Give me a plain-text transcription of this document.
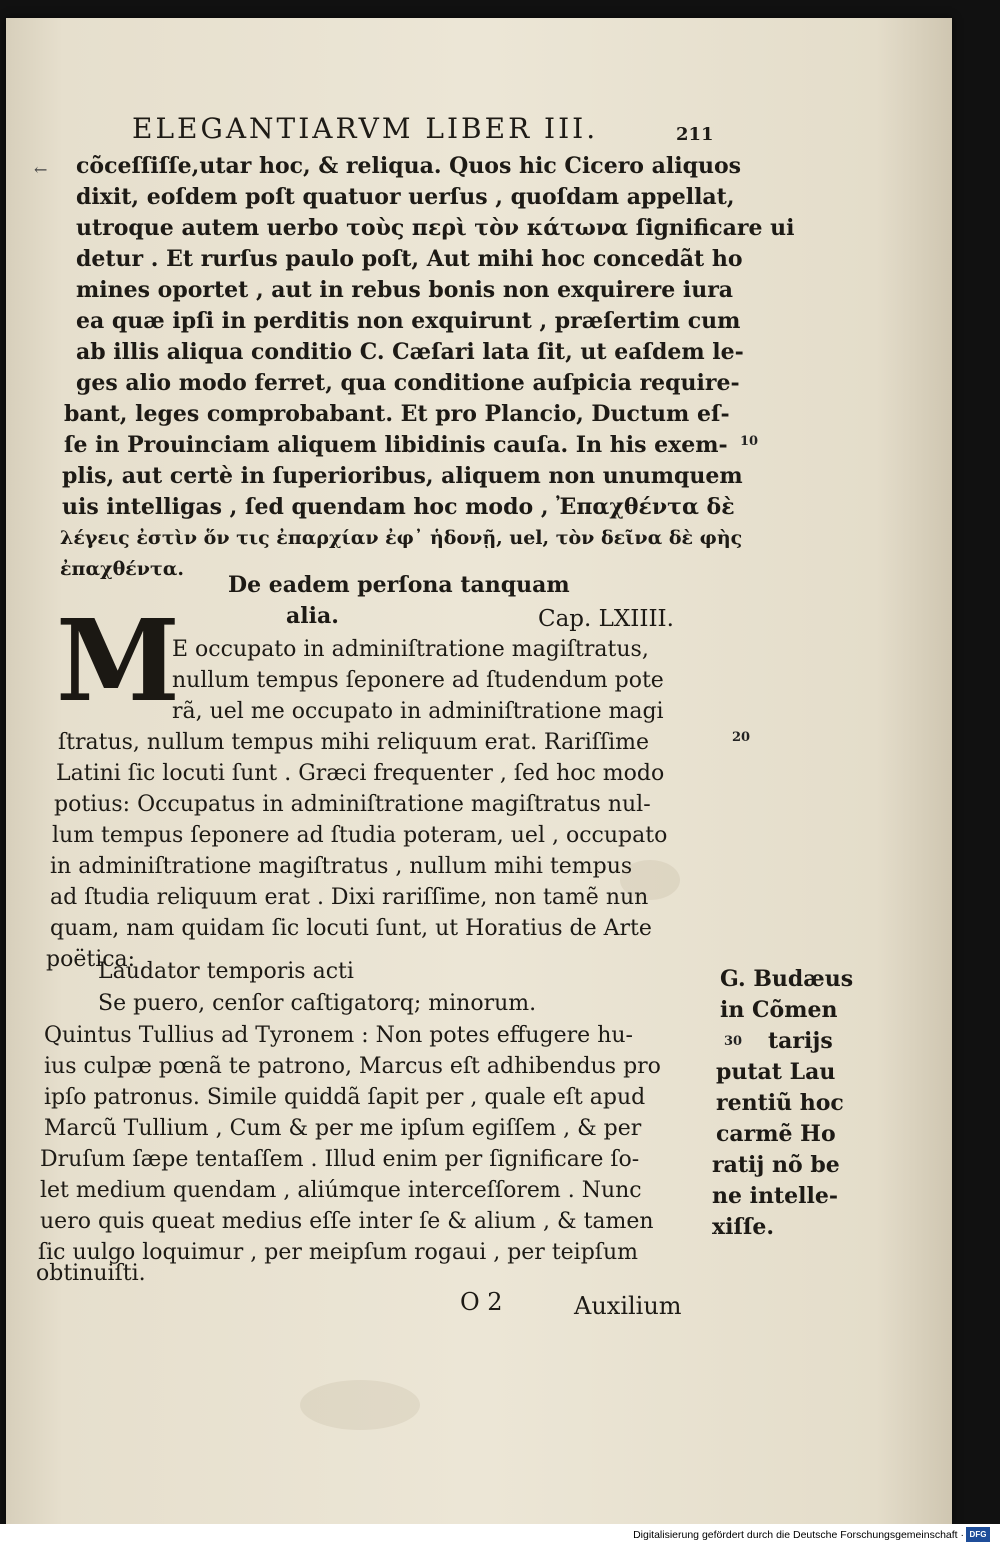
ELEGANTIARVM LIBER III.	211
← cõceſſiſſe,utar hoc, & reliqua. Quos hic Cicero aliquos
dixit, eoſdem poſt quatuor uerſus , quoſdam appellat,
utroque autem uerbo τοὺς περὶ τὸν κάτωνα ſignificare ui
detur . Et rurſus paulo poſt, Aut mihi hoc concedãt ho
mines oportet , aut in rebus bonis non exquirere iura
ea quæ ipſi in perditis non exquirunt , præſertim cum
ab illis aliqua conditio C. Cæſari lata ſit, ut eaſdem le-
ges alio modo ferret, qua conditione auſpicia require-
bant, leges comprobabant. Et pro Plancio, Ductum eſ-
ſe in Prouinciam aliquem libidinis cauſa. In his exem-
plis, aut certè in ſuperioribus, aliquem non unumquem
uis intelligas , ſed quendam hoc modo , Ἐπαχθέντα δὲ
λέγεις ἐστὶν ὅν τις ἐπαρχίαν ἐφ᾽ ἡδονῇ, uel, τὸν δεῖνα δὲ φὴς
ἐπαχθέντα.
10
De eadem perſona tanquam
alia.	Cap. LXIIII.
M
E occupato in adminiſtratione magiſtratus,
nullum tempus ſeponere ad ſtudendum pote
rã, uel me occupato in adminiſtratione magi
ſtratus, nullum tempus mihi reliquum erat. Rariſſime
Latini ſic locuti ſunt . Græci frequenter , ſed hoc modo
potius: Occupatus in adminiſtratione magiſtratus nul-
lum tempus ſeponere ad ſtudia poteram, uel , occupato
in adminiſtratione magiſtratus , nullum mihi tempus
ad ſtudia reliquum erat . Dixi rariſſime, non tamẽ nun
quam, nam quidam ſic locuti ſunt, ut Horatius de Arte
poëtica:
20
Laudator temporis acti
Se puero, cenſor caſtigatorq; minorum.
Quintus Tullius ad Tyronem : Non potes effugere hu-
ius culpæ pœnã te patrono, Marcus eſt adhibendus pro
ipſo patronus. Simile quiddã ſapit per , quale eſt apud
Marcũ Tullium , Cum & per me ipſum egiſſem , & per
Druſum ſæpe tentaſſem . Illud enim per ſignificare ſo-
let medium quendam , aliúmque interceſſorem . Nunc
uero quis queat medius eſſe inter ſe & alium , & tamen
ſic uulgo loquimur , per meipſum rogaui , per teipſum
obtinuiſti.
30
G. Budæus
in Cõmen
tarijs
putat Lau
rentiũ hoc
carmẽ Ho
ratij nõ be
ne intelle-
xiſſe.
O 2	Auxilium
Digitalisierung gefördert durch die Deutsche Forschungsgemeinschaft · DFG
